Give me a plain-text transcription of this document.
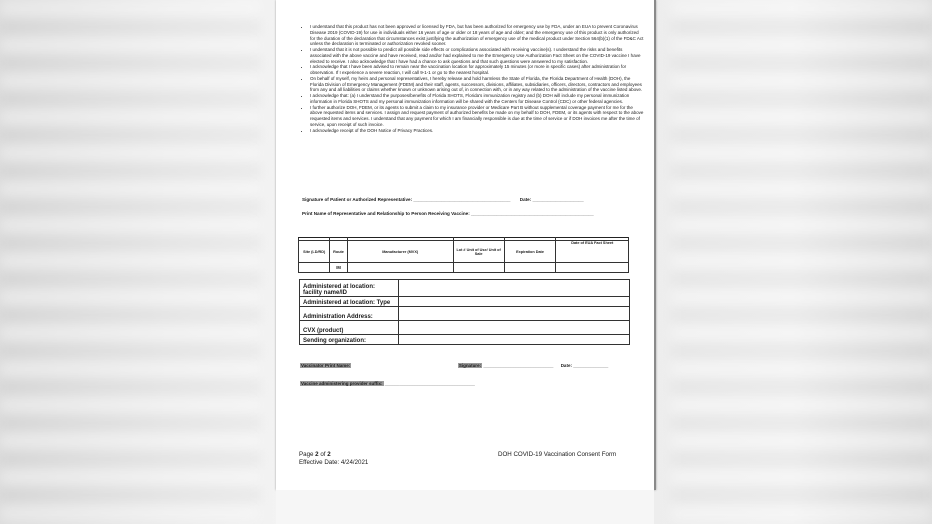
• I understand that this product has not been approved or licensed by FDA, but has been authorized for emergency use by FDA, under an EUA to prevent Coronavirus Disease 2019 (COVID-19) for use in individuals either 16 years of age or older or 18 years of age and older; and the emergency use of this product is only authorized for the duration of the declaration that circumstances exist justifying the authorization of emergency use of the medical product under Section 564(b)(1) of the FD&C Act unless the declaration is terminated or authorization revoked sooner.
• I understand that it is not possible to predict all possible side effects or complications associated with receiving vaccine(s). I understand the risks and benefits associated with the above vaccine and have received, read and/or had explained to me the Emergency Use Authorization Fact Sheet on the COVID-19 vaccine I have elected to receive. I also acknowledge that I have had a chance to ask questions and that such questions were answered to my satisfaction.
• I acknowledge that I have been advised to remain near the vaccination location for approximately 15 minutes (or more in specific cases) after administration for observation. If I experience a severe reaction, I will call 9-1-1 or go to the nearest hospital.
• On behalf of myself, my heirs and personal representatives, I hereby release and hold harmless the State of Florida, the Florida Department of Health (DOH), the Florida Division of Emergency Management (FDEM) and their staff, agents, successors, divisions, affiliates, subsidiaries, officers, directors, contractors and employees from any and all liabilities or claims whether known or unknown arising out of, in connection with, or in any way related to the administration of the vaccine listed above.
• I acknowledge that: (a) I understand the purposes/benefits of Florida SHOTS, Florida's immunization registry and (b) DOH will include my personal immunization information in Florida SHOTS and my personal immunization information will be shared with the Centers for Disease Control (CDC) or other federal agencies.
• I further authorize DOH, FDEM, or its agents to submit a claim to my insurance provider or Medicare Part B without supplemental coverage payment for me for the above requested items and services. I assign and request payment of authorized benefits be made on my behalf to DOH, FDEM, or its agents with respect to the above requested items and services. I understand that any payment for which I am financially responsible is due at the time of service or if DOH invoices me after the time of service, upon receipt of such invoice.
• I acknowledge receipt of the DOH Notice of Privacy Practices.
Signature of Patient or Authorized Representative: ______________________________________ Date: ____________________
Print Name of Representative and Relationship to Person Receiving Vaccine: ________________________________________________

Site (LD/RD)	Route	Manufacturer (MVX)	Lot # Unit of Use/ Unit of Sale	Expiration Date	Date of EUA Fact Sheet
	IM				
Administered at location: facility name/ID	
Administered at location: Type	
Administration Address:	
CVX (product)	
Sending organization:	
Vaccinator Print Name:	Signature: ____________________________ Date: ______________
Vaccine administering provider suffix: ____________________________________
Page 2 of 2
Effective Date: 4/24/2021
DOH COVID-19 Vaccination Consent Form
